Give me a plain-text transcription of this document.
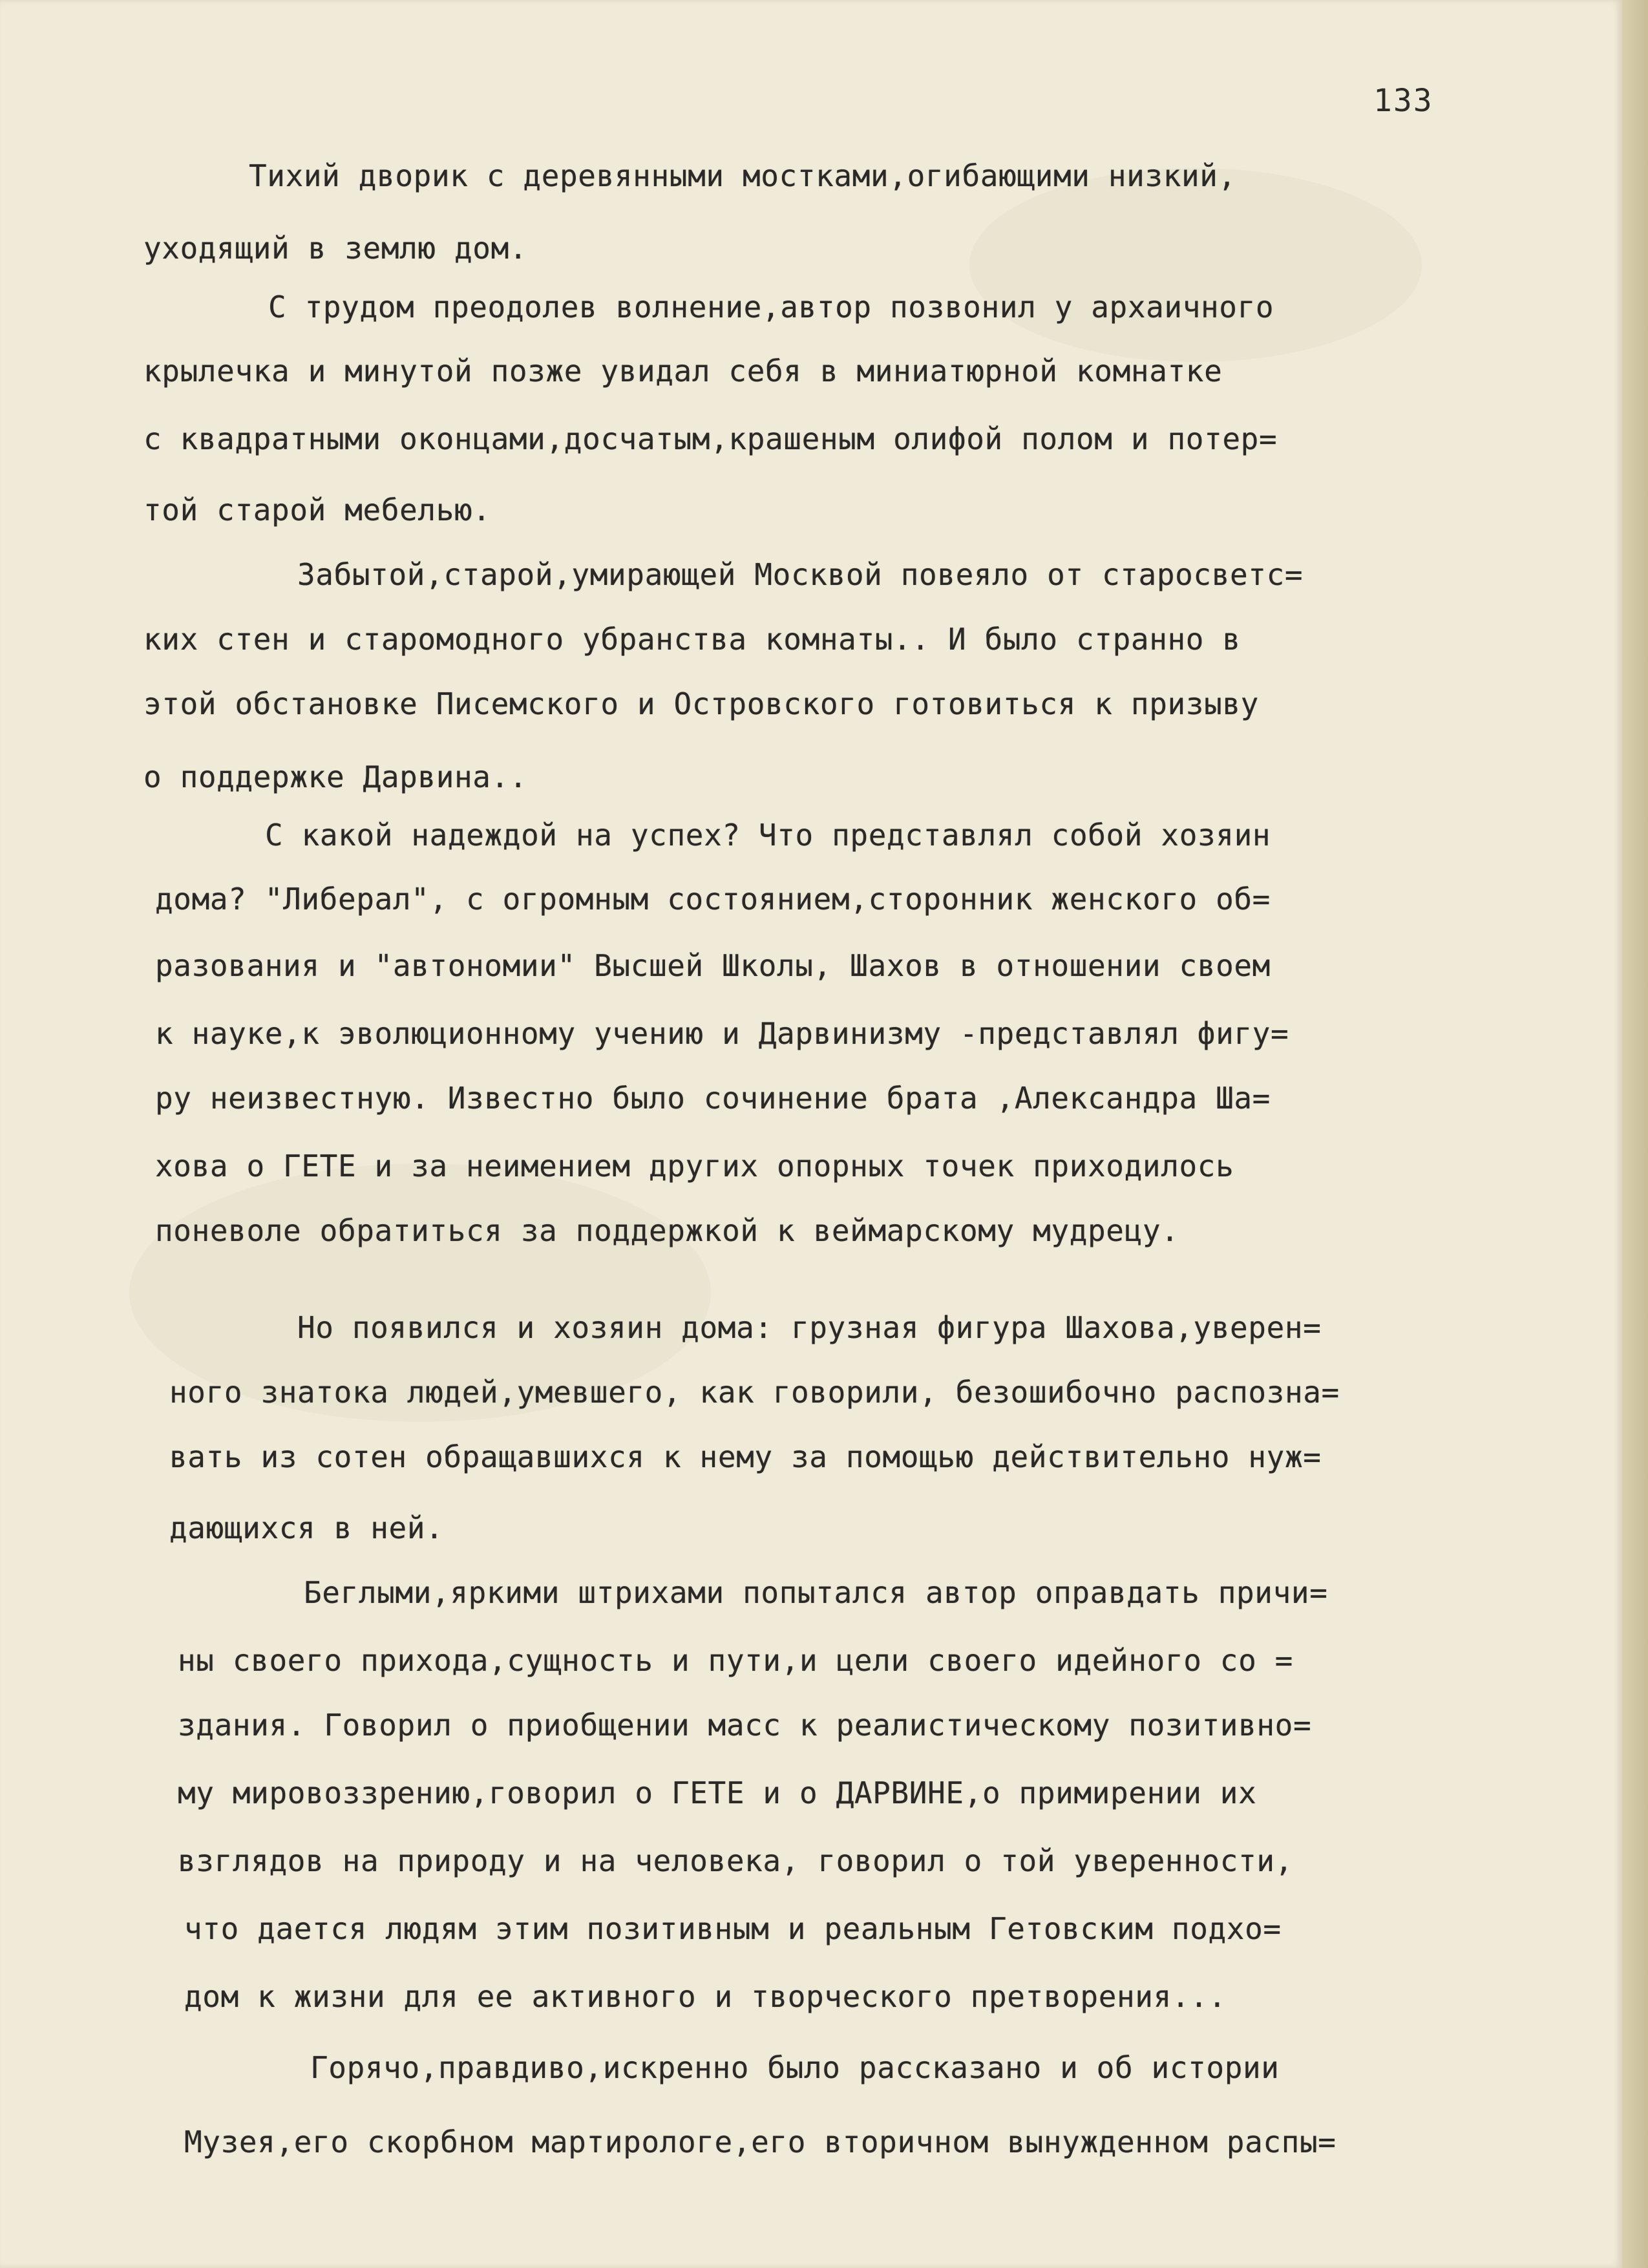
133
Тихий дворик с деревянными мостками,огибающими низкий,
уходящий в землю дом.
С трудом преодолев волнение,автор позвонил у архаичного
крылечка и минутой позже увидал себя в миниатюрной комнатке
с квадратными оконцами,досчатым,крашеным олифой полом и потер=
той старой мебелью.
Забытой,старой,умирающей Москвой повеяло от старосветс=
ких стен и старомодного убранства комнаты.. И было странно в
этой обстановке Писемского и Островского готовиться к призыву
о поддержке Дарвина..
С какой надеждой на успех? Что представлял собой хозяин
дома? "Либерал", с огромным состоянием,сторонник женского об=
разования и "автономии" Высшей Школы, Шахов в отношении своем
к науке,к эволюционному учению и Дарвинизму -представлял фигу=
ру неизвестную. Известно было сочинение брата ,Александра Ша=
хова о ГЕТЕ и за неимением других опорных точек приходилось
поневоле обратиться за поддержкой к веймарскому мудрецу.
Но появился и хозяин дома: грузная фигура Шахова,уверен=
ного знатока людей,умевшего, как говорили, безошибочно распозна=
вать из сотен обращавшихся к нему за помощью действительно нуж=
дающихся в ней.
Беглыми,яркими штрихами попытался автор оправдать причи=
ны своего прихода,сущность и пути,и цели своего идейного со =
здания. Говорил о приобщении масс к реалистическому позитивно=
му мировоззрению,говорил о ГЕТЕ и о ДАРВИНЕ,о примирении их
взглядов на природу и на человека, говорил о той уверенности,
что дается людям этим позитивным и реальным Гетовским подхо=
дом к жизни для ее активного и творческого претворения...
Горячо,правдиво,искренно было рассказано и об истории
Музея,его скорбном мартирологе,его вторичном вынужденном распы=
